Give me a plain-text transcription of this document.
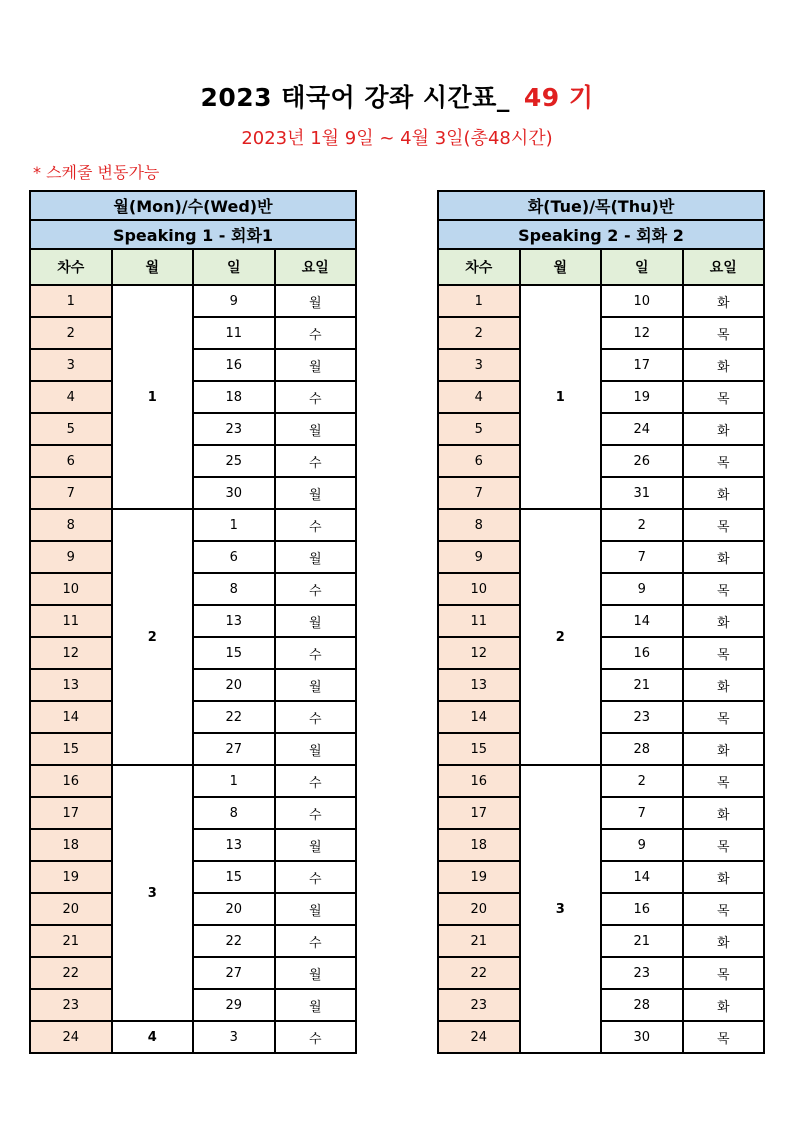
2023 태국어 강좌 시간표_ 49 기
2023년 1월 9일 ~ 4월 3일(총48시간)
* 스케줄 변동가능
월(Mon)/수(Wed)반			
Speaking 1 - 회화1			
차수	월	일	요일
1	1	9	월
2		11	수
3		16	월
4		18	수
5		23	월
6		25	수
7		30	월
8	2	1	수
9		6	월
10		8	수
11		13	월
12		15	수
13		20	월
14		22	수
15		27	월
16	3	1	수
17		8	수
18		13	월
19		15	수
20		20	월
21		22	수
22		27	월
23		29	월
24	4	3	수
화(Tue)/목(Thu)반			
Speaking 2 - 회화 2			
차수	월	일	요일
1	1	10	화
2		12	목
3		17	화
4		19	목
5		24	화
6		26	목
7		31	화
8	2	2	목
9		7	화
10		9	목
11		14	화
12		16	목
13		21	화
14		23	목
15		28	화
16	3	2	목
17		7	화
18		9	목
19		14	화
20		16	목
21		21	화
22		23	목
23		28	화
24		30	목
